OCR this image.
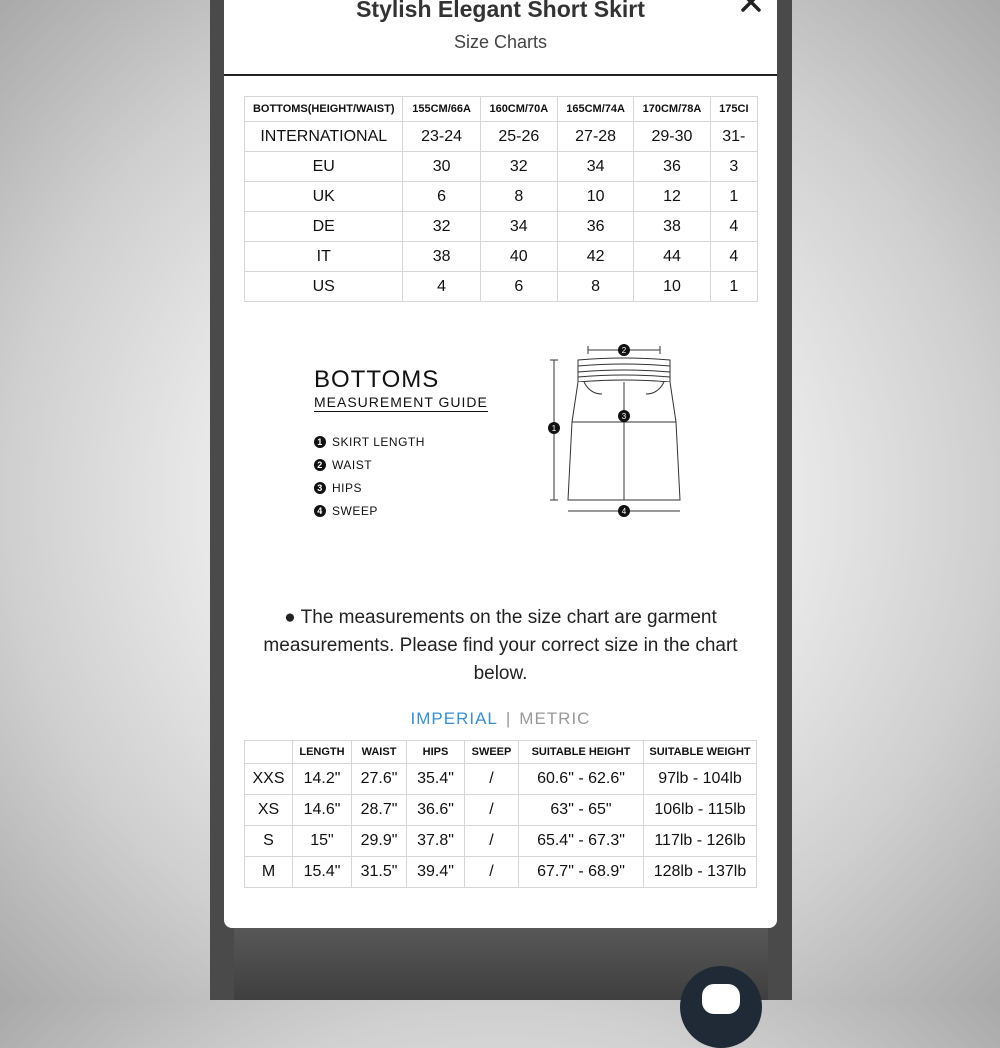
Stylish Elegant Short Skirt
Size Charts
BOTTOMS(HEIGHT/WAIST)	155CM/66A	160CM/70A	165CM/74A	170CM/78A	175CI
INTERNATIONAL	23-24	25-26	27-28	29-30	31-
EU	30	32	34	36	3
UK	6	8	10	12	1
DE	32	34	36	38	4
IT	38	40	42	44	4
US	4	6	8	10	1
BOTTOMS
MEASUREMENT GUIDE
1 SKIRT LENGTH
2 WAIST
3 HIPS
4 SWEEP
1
2
3
4
● The measurements on the size chart are garment measurements. Please find your correct size in the chart below.
IMPERIAL | METRIC
	LENGTH	WAIST	HIPS	SWEEP	SUITABLE HEIGHT	SUITABLE WEIGHT
XXS	14.2"	27.6"	35.4"	/	60.6" - 62.6"	97lb - 104lb
XS	14.6"	28.7"	36.6"	/	63" - 65"	106lb - 115lb
S	15"	29.9"	37.8"	/	65.4" - 67.3"	117lb - 126lb
M	15.4"	31.5"	39.4"	/	67.7" - 68.9"	128lb - 137lb
